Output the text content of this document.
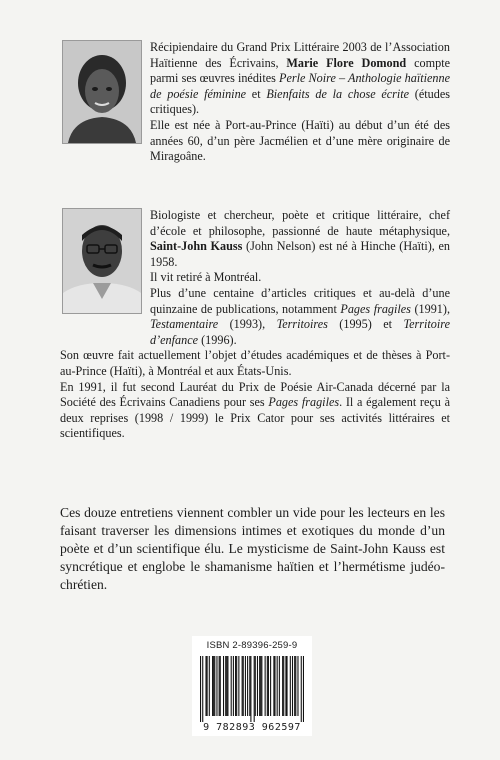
Récipiendaire du Grand Prix Littéraire 2003 de l’Association Haïtienne des Écrivains, Marie Flore Domond compte parmi ses œuvres inédites Perle Noire – Anthologie haïtienne de poésie féminine et Bienfaits de la chose écrite (études critiques).

Elle est née à Port-au-Prince (Haïti) au début d’un été des années 60, d’un père Jacmélien et d’une mère originaire de Miragoâne.

Biologiste et chercheur, poète et critique littéraire, chef d’école et philosophe, passionné de haute métaphysique, Saint-John Kauss (John Nelson) est né à Hinche (Haïti), en 1958.

Il vit retiré à Montréal.

Plus d’une centaine d’articles critiques et au-delà d’une quinzaine de publications, notamment Pages fragiles (1991), Testamentaire (1993), Territoires (1995) et Territoire d’enfance (1996).

Son œuvre fait actuellement l’objet d’études académiques et de thèses à Port-au-Prince (Haïti), à Montréal et aux États-Unis.

En 1991, il fut second Lauréat du Prix de Poésie Air-Canada décerné par la Société des Écrivains Canadiens pour ses Pages fragiles. Il a également reçu à deux reprises (1998 / 1999) le Prix Cator pour ses activités littéraires et scientifiques.

Ces douze entretiens viennent combler un vide pour les lecteurs en les faisant traverser les dimensions intimes et exotiques du monde d’un poète et d’un scientifique élu. Le mysticisme de Saint-John Kauss est syncrétique et englobe le shamanisme haïtien et l’hermétisme judéo-chrétien.

ISBN 2-89396-259-9
9 782893 962597
